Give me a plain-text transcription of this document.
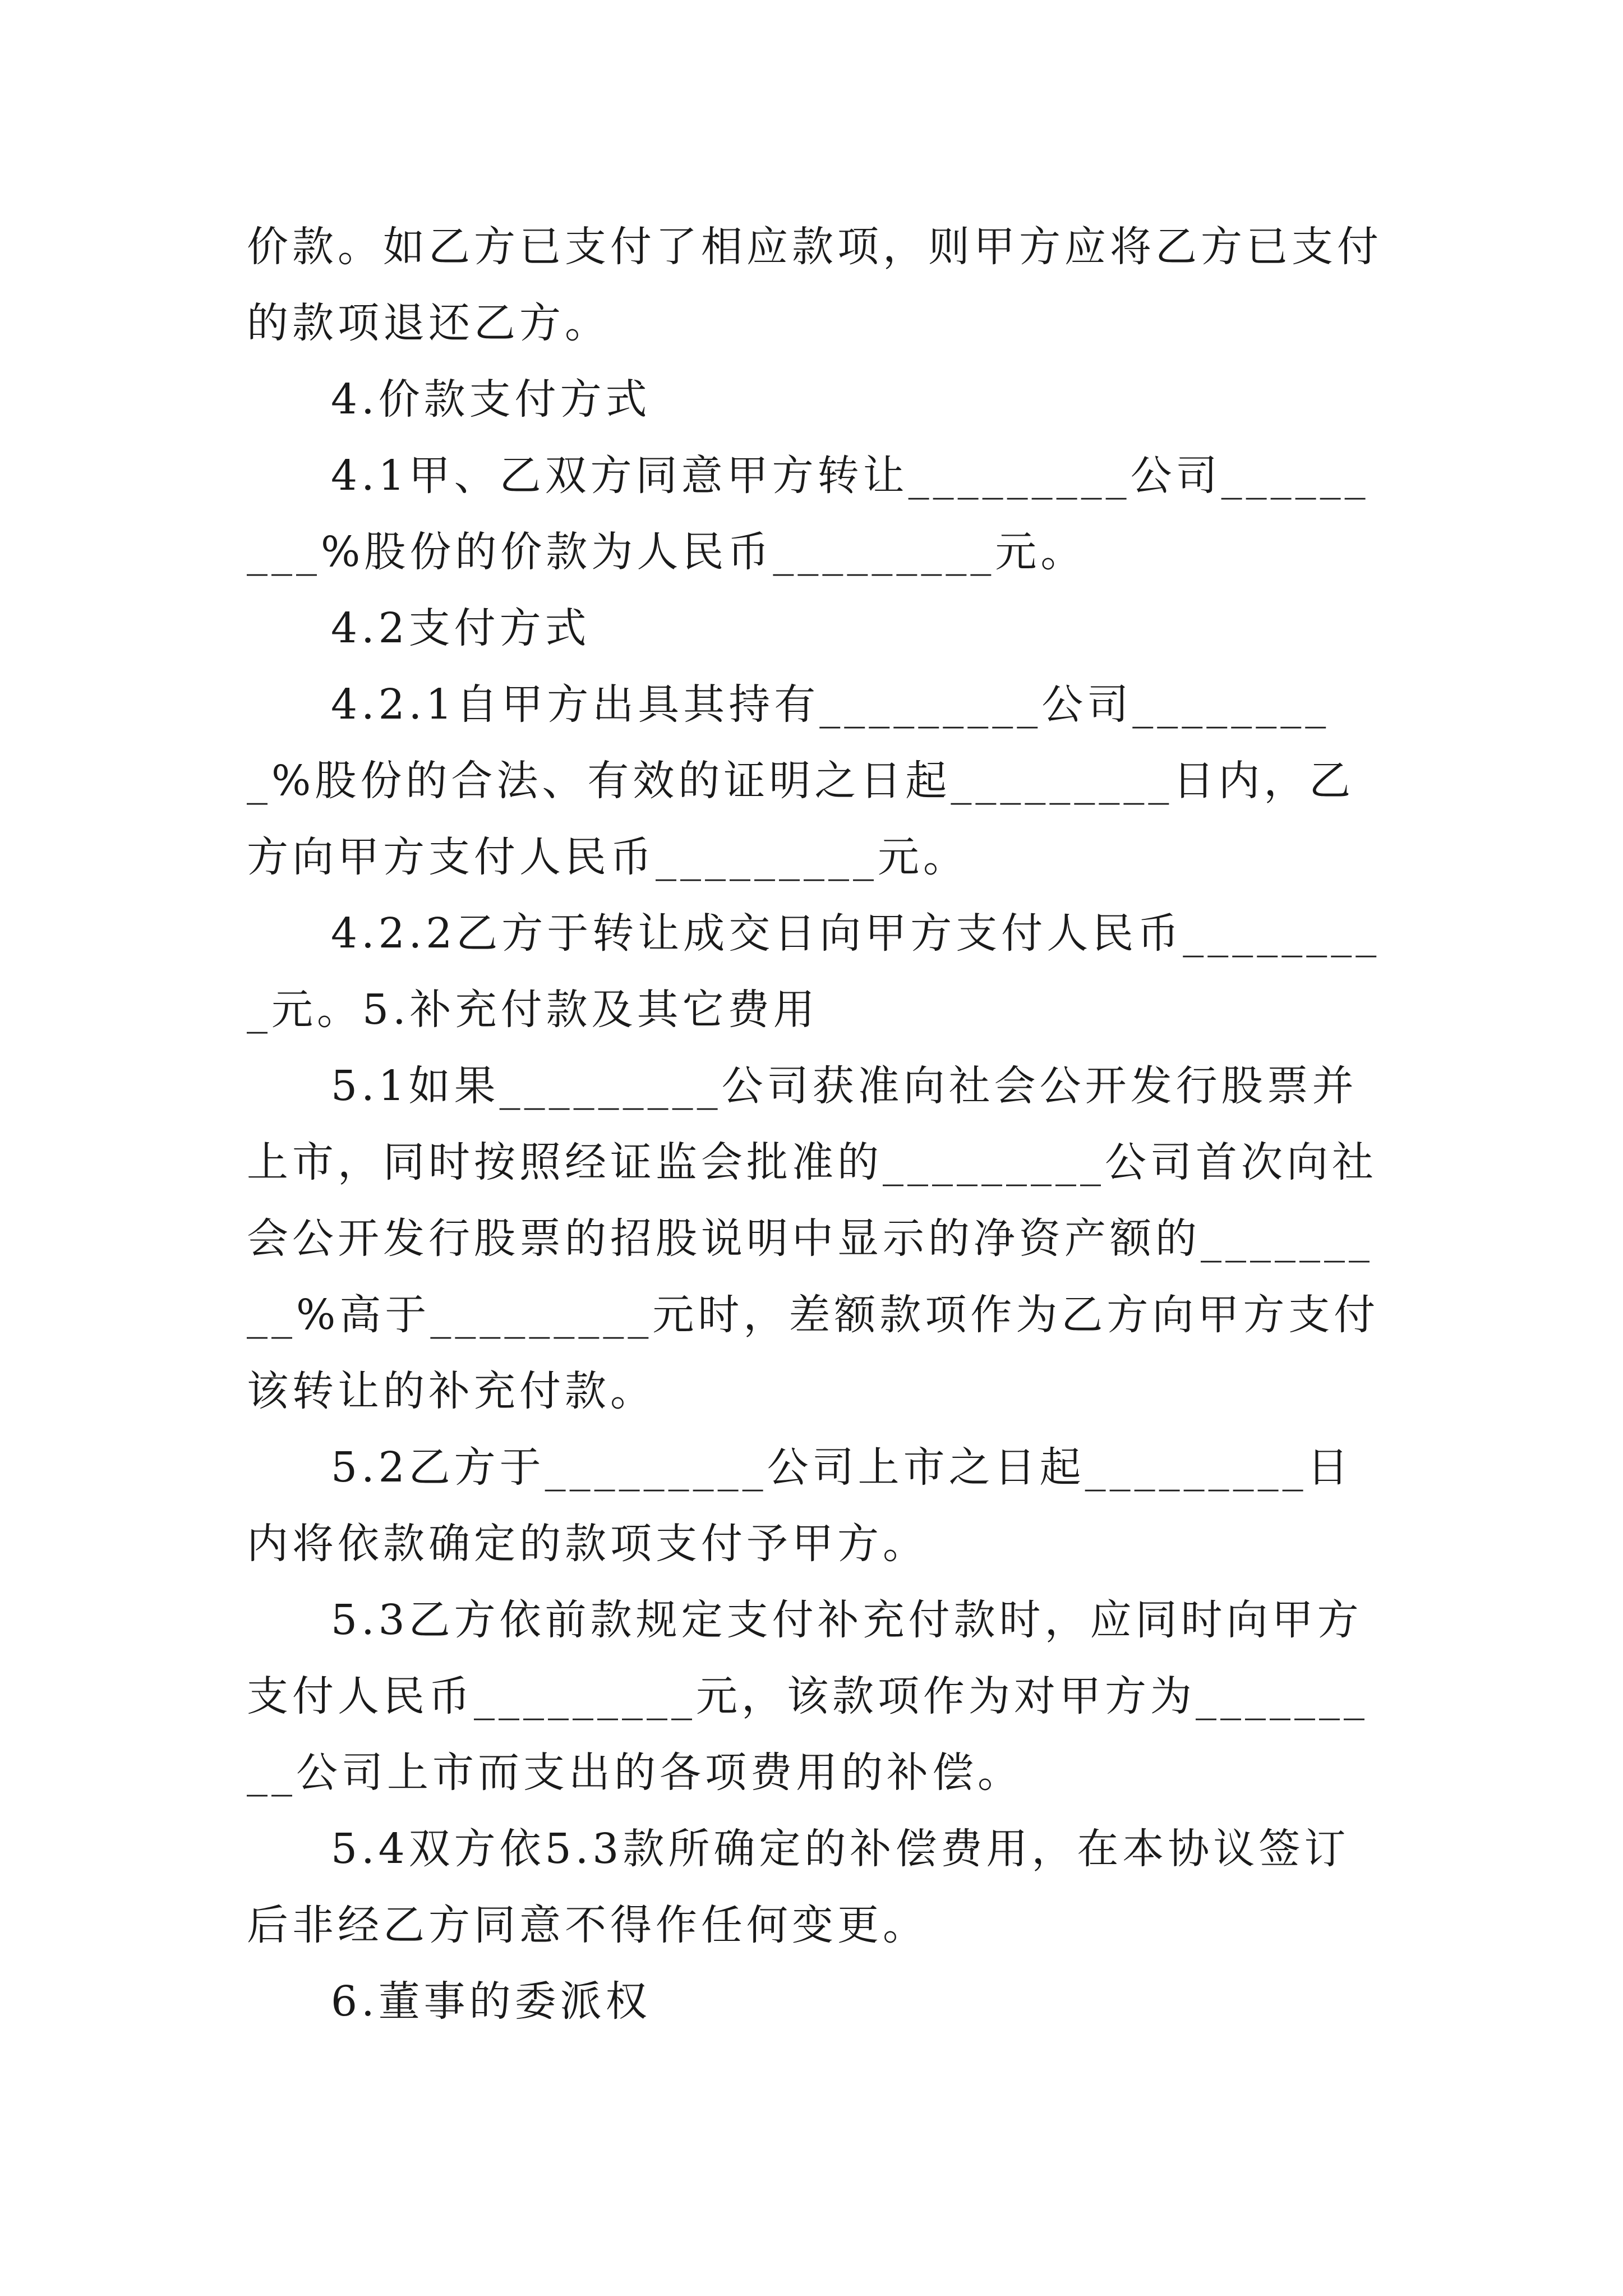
价款。如乙方已支付了相应款项，则甲方应将乙方已支付的款项退还乙方。

4.价款支付方式

4.1甲、乙双方同意甲方转让_________公司_________%股份的价款为人民币_________元。

4.2支付方式

4.2.1自甲方出具其持有_________公司_________%股份的合法、有效的证明之日起_________日内，乙方向甲方支付人民币_________元。

4.2.2乙方于转让成交日向甲方支付人民币_________元。5.补充付款及其它费用

5.1如果_________公司获准向社会公开发行股票并上市，同时按照经证监会批准的_________公司首次向社会公开发行股票的招股说明中显示的净资产额的_________%高于_________元时，差额款项作为乙方向甲方支付该转让的补充付款。

5.2乙方于_________公司上市之日起_________日内将依款确定的款项支付予甲方。

5.3乙方依前款规定支付补充付款时，应同时向甲方支付人民币_________元，该款项作为对甲方为_________公司上市而支出的各项费用的补偿。

5.4双方依5.3款所确定的补偿费用，在本协议签订后非经乙方同意不得作任何变更。

6.董事的委派权
